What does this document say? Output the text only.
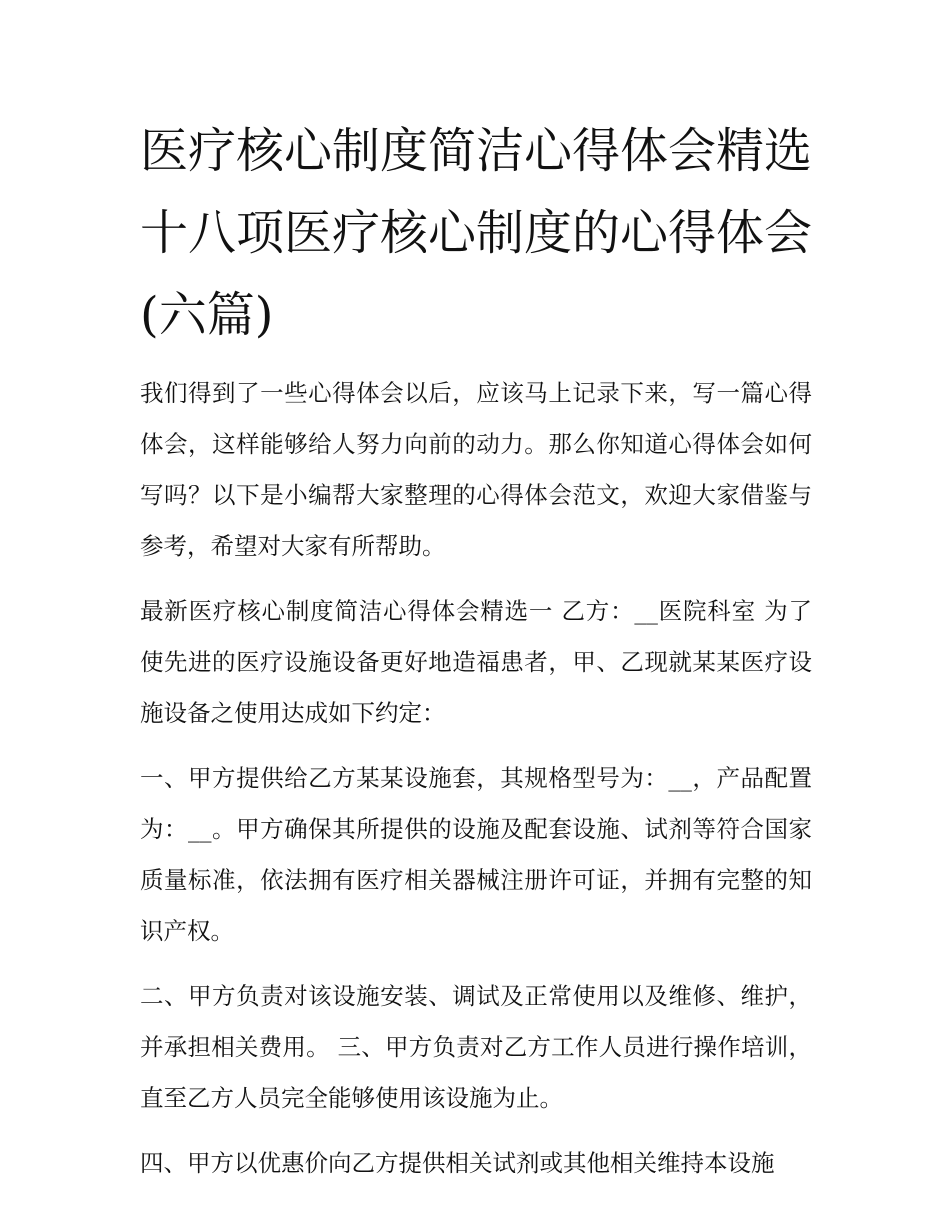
医疗核心制度简洁心得体会精选 十八项医疗核心制度的心得体会(六篇)

我们得到了一些心得体会以后，应该马上记录下来，写一篇心得体会，这样能够给人努力向前的动力。那么你知道心得体会如何写吗？以下是小编帮大家整理的心得体会范文，欢迎大家借鉴与参考，希望对大家有所帮助。

最新医疗核心制度简洁心得体会精选一 乙方：__医院科室 为了使先进的医疗设施设备更好地造福患者，甲、乙现就某某医疗设施设备之使用达成如下约定：

一、甲方提供给乙方某某设施套，其规格型号为：__，产品配置为：__。甲方确保其所提供的设施及配套设施、试剂等符合国家质量标准，依法拥有医疗相关器械注册许可证，并拥有完整的知识产权。

二、甲方负责对该设施安装、调试及正常使用以及维修、维护，并承担相关费用。 三、甲方负责对乙方工作人员进行操作培训，直至乙方人员完全能够使用该设施为止。

四、甲方以优惠价向乙方提供相关试剂或其他相关维持本设施
